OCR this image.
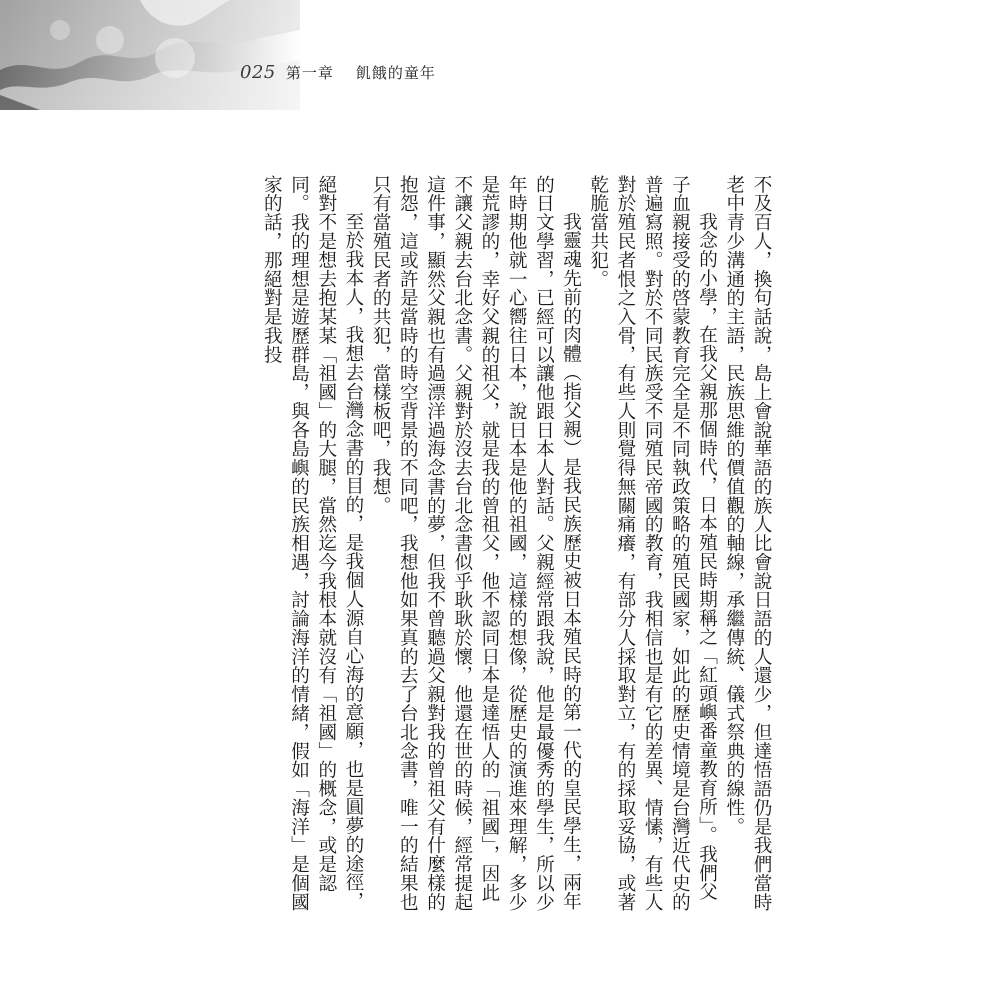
025 第一章 飢餓的童年

不及百人，換句話說，島上會說華語的族人比會說日語的人還少，但達悟語仍是我們當時老中青少溝通的主語，民族思維的價值觀的軸線，承繼傳統、儀式祭典的線性。

我念的小學，在我父親那個時代，日本殖民時期稱之「紅頭嶼番童教育所」。我們父子血親接受的啓蒙教育完全是不同執政策略的殖民國家，如此的歷史情境是台灣近代史的普遍寫照。對於不同民族受不同殖民帝國的教育，我相信也是有它的差異、情愫，有些人對於殖民者恨之入骨，有些人則覺得無關痛癢，有部分人採取對立，有的採取妥協，或著乾脆當共犯。

我靈魂先前的肉體（指父親）是我民族歷史被日本殖民時的第一代的皇民學生，兩年的日文學習，已經可以讓他跟日本人對話。父親經常跟我說，他是最優秀的學生，所以少年時期他就一心嚮往日本，說日本是他的祖國，這樣的想像，從歷史的演進來理解，多少是荒謬的，幸好父親的祖父，就是我的曾祖父，他不認同日本是達悟人的「祖國」，因此不讓父親去台北念書。父親對於沒去台北念書似乎耿耿於懷，他還在世的時候，經常提起這件事，顯然父親也有過漂洋過海念書的夢，但我不曾聽過父親對我的曾祖父有什麼樣的抱怨，這或許是當時的時空背景的不同吧，我想他如果真的去了台北念書，唯一的結果也只有當殖民者的共犯，當樣板吧，我想。

至於我本人，我想去台灣念書的目的，是我個人源自心海的意願，也是圓夢的途徑，絕對不是想去抱某某「祖國」的大腿，當然迄今我根本就沒有「祖國」的概念，或是認同。我的理想是遊歷群島，與各島嶼的民族相遇，討論海洋的情緒，假如「海洋」是個國家的話，那絕對是我投
